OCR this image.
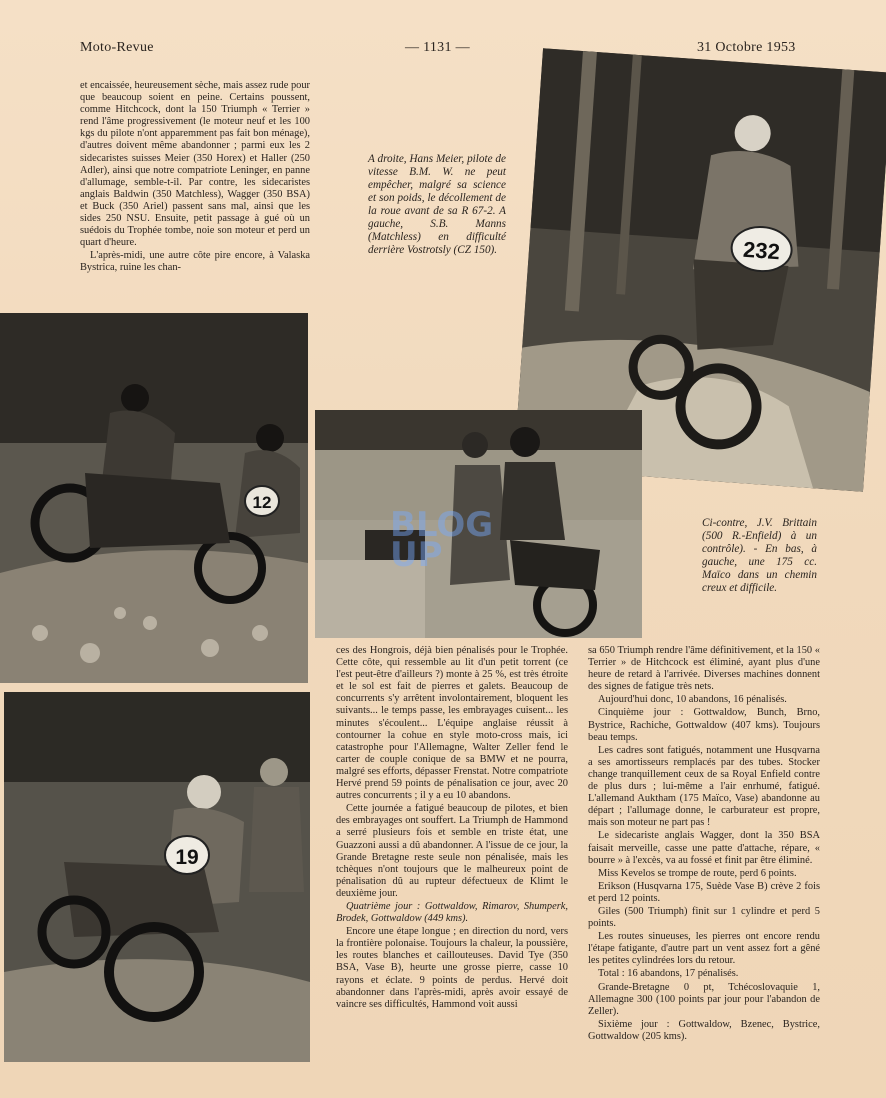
Moto-Revue	— 1131 —	31 Octobre 1953

et encaissée, heureusement sèche, mais assez rude pour que beaucoup soient en peine. Certains poussent, comme Hitchcock, dont la 150 Triumph « Terrier » rend l'âme progressivement (le moteur neuf et les 100 kgs du pilote n'ont apparemment pas fait bon ménage), d'autres doivent même abandonner ; parmi eux les 2 sidecaristes suisses Meier (350 Horex) et Haller (250 Adler), ainsi que notre compatriote Leninger, en panne d'allumage, semble-t-il. Par contre, les sidecaristes anglais Baldwin (350 Matchless), Wagger (350 BSA) et Buck (350 Ariel) passent sans mal, ainsi que les sides 250 NSU. Ensuite, petit passage à gué où un suédois du Trophée tombe, noie son moteur et perd un quart d'heure.

L'après-midi, une autre côte pire encore, à Valaska Bystrica, ruine les chan-

A droite, Hans Meier, pilote de vitesse B.M. W. ne peut empêcher, malgré sa science et son poids, le décollement de la roue avant de sa R 67-2. A gauche, S.B. Manns (Matchless) en difficulté derrière Vostrotsly (CZ 150).	232
12
BLOG
UP
Ci-contre, J.V. Brittain (500 R.-Enfield) à un contrôle). - En bas, à gauche, une 175 cc. Maïco dans un chemin creux et difficile.
19

ces des Hongrois, déjà bien pénalisés pour le Trophée. Cette côte, qui ressemble au lit d'un petit torrent (ce l'est peut-être d'ailleurs ?) monte à 25 %, est très étroite et le sol est fait de pierres et galets. Beaucoup de concurrents s'y arrêtent involontairement, bloquent les suivants... le temps passe, les embrayages cuisent... les minutes s'écoulent... L'équipe anglaise réussit à contourner la cohue en style moto-cross mais, ici catastrophe pour l'Allemagne, Walter Zeller fend le carter de couple conique de sa BMW et ne pourra, malgré ses efforts, dépasser Frenstat. Notre compatriote Hervé prend 59 points de pénalisation ce jour, avec 20 autres concurrents ; il y a eu 10 abandons.

Cette journée a fatigué beaucoup de pilotes, et bien des embrayages ont souffert. La Triumph de Hammond a serré plusieurs fois et semble en triste état, une Guazzoni aussi a dû abandonner. A l'issue de ce jour, la Grande Bretagne reste seule non pénalisée, mais les tchèques n'ont toujours que le malheureux point de pénalisation dû au rupteur défectueux de Klimt le deuxième jour.

Quatrième jour : Gottwaldow, Rimarov, Shumperk, Brodek, Gottwaldow (449 kms).

Encore une étape longue ; en direction du nord, vers la frontière polonaise. Toujours la chaleur, la poussière, les routes blanches et caillouteuses. David Tye (350 BSA, Vase B), heurte une grosse pierre, casse 10 rayons et éclate. 9 points de perdus. Hervé doit abandonner dans l'après-midi, après avoir essayé de vaincre ses difficultés, Hammond voit aussi

sa 650 Triumph rendre l'âme définitivement, et la 150 « Terrier » de Hitchcock est éliminé, ayant plus d'une heure de retard à l'arrivée. Diverses machines donnent des signes de fatigue très nets.

Aujourd'hui donc, 10 abandons, 16 pénalisés.

Cinquième jour : Gottwaldow, Bunch, Brno, Bystrice, Rachiche, Gottwaldow (407 kms). Toujours beau temps.

Les cadres sont fatigués, notamment une Husqvarna a ses amortisseurs remplacés par des tubes. Stocker change tranquillement ceux de sa Royal Enfield contre de plus durs ; lui-même a l'air enrhumé, fatigué. L'allemand Auktham (175 Maïco, Vase) abandonne au départ ; l'allumage donne, le carburateur est propre, mais son moteur ne part pas !

Le sidecariste anglais Wagger, dont la 350 BSA faisait merveille, casse une patte d'attache, répare, « bourre » à l'excès, va au fossé et finit par être éliminé.

Miss Kevelos se trompe de route, perd 6 points.

Erikson (Husqvarna 175, Suède Vase B) crève 2 fois et perd 12 points.

Giles (500 Triumph) finit sur 1 cylindre et perd 5 points.

Les routes sinueuses, les pierres ont encore rendu l'étape fatigante, d'autre part un vent assez fort a gêné les petites cylindrées lors du retour.

Total : 16 abandons, 17 pénalisés.

Grande-Bretagne 0 pt, Tchécoslovaquie 1, Allemagne 300 (100 points par jour pour l'abandon de Zeller).

Sixième jour : Gottwaldow, Bzenec, Bystrice, Gottwaldow (205 kms).
